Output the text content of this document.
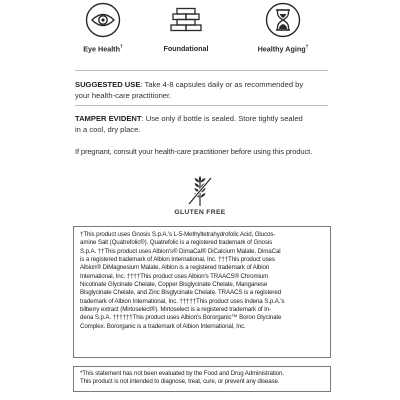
Eye Health†	Foundational	Healthy Aging†
SUGGESTED USE: Take 4-8 capsules daily or as recommended by
your health-care practitioner.
TAMPER EVIDENT: Use only if bottle is sealed. Store tightly sealed
in a cool, dry place.
If pregnant, consult your health-care practitioner before using this product.
GLUTEN FREE
†This product uses Gnosis S.p.A.'s L-5-Methyltetrahydrofolic Acid, Glucos-
amine Salt (Quatrefolic®). Quatrefolic is a registered trademark of Gnosis
S.p.A. ††This product uses Albion's® DimaCal® DiCalcium Malate. DimaCal
is a registered trademark of Albion International, Inc. †††This product uses
Albion® DiMagnesium Malate. Albion is a registered trademark of Albion
International, Inc. ††††This product uses Albion's TRAACS® Chromium
Nicotinate Glycinate Chelate, Copper Bisglycinate Chelate, Manganese
Bisglycinate Chelate, and Zinc Bisglycinate Chelate. TRAACS is a registered
trademark of Albion International, Inc. †††††This product uses Indena S.p.A.'s
bilberry extract (Mirtoselect®). Mirtoselect is a registered trademark of In-
dena S.p.A. ††††††This product uses Albion's Bororganic™ Boron Glycinate
Complex. Bororganic is a trademark of Albion International, Inc.
*This statement has not been evaluated by the Food and Drug Administration.
This product is not intended to diagnose, treat, cure, or prevent any disease.
